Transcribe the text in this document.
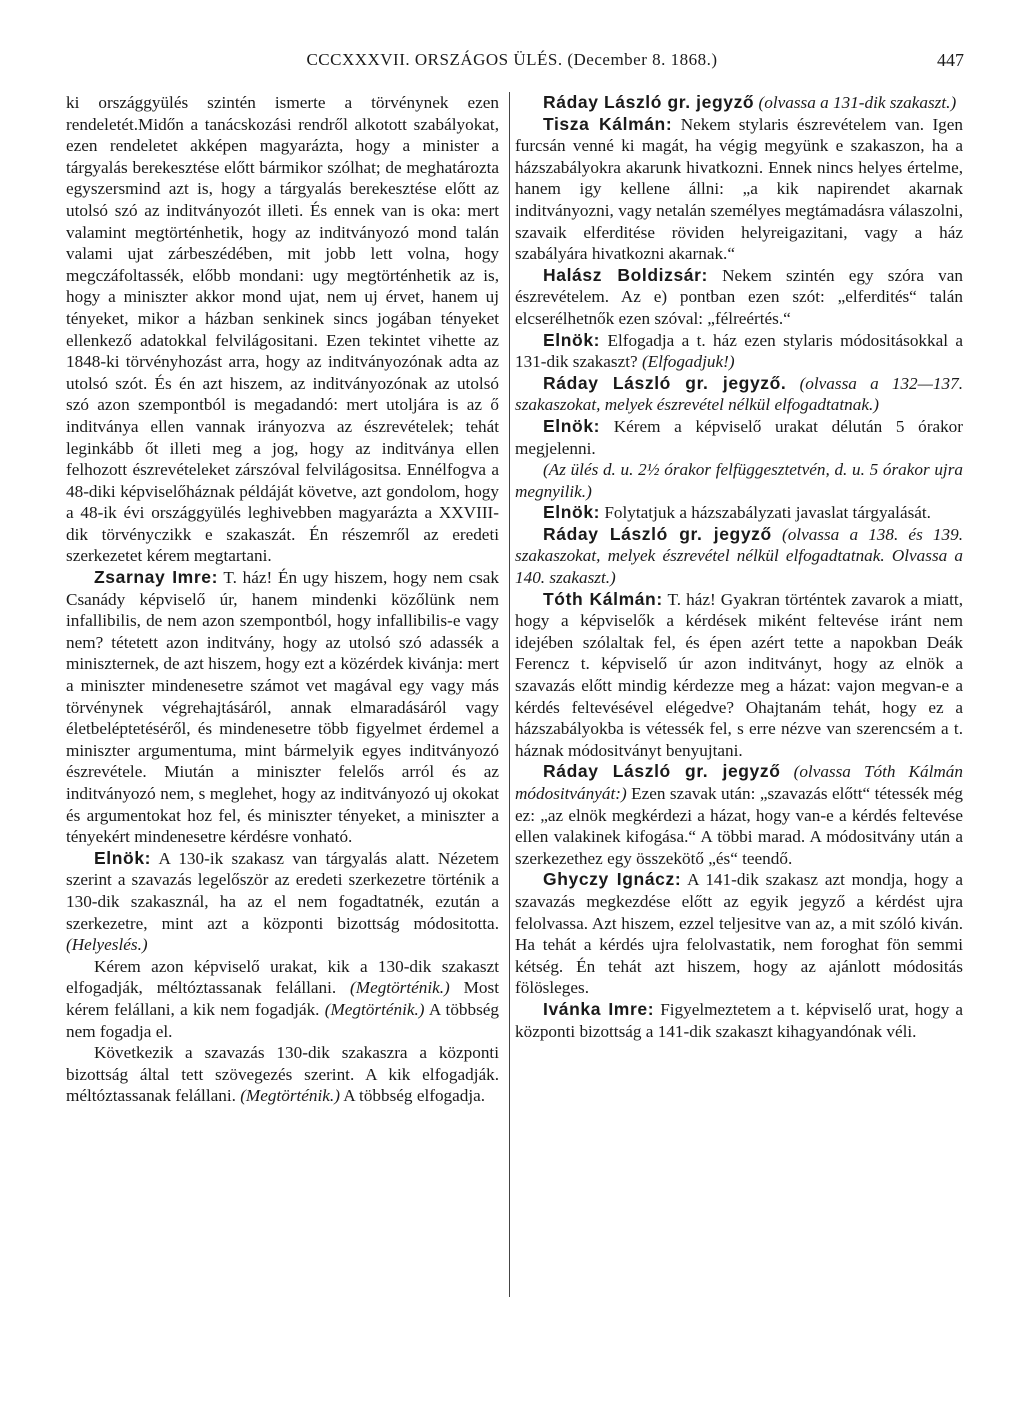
CCCXXXVII. ORSZÁGOS ÜLÉS. (December 8. 1868.)	447

ki országgyülés szintén ismerte a törvénynek ezen rendeletét.Midőn a tanácskozási rendről alkotott szabályokat, ezen rendeletet akképen magyarázta, hogy a minister a tárgyalás berekesztése előtt bármikor szólhat; de meghatározta egyszersmind azt is, hogy a tárgyalás berekesztése előtt az utolsó szó az inditványozót illeti. És ennek van is oka: mert valamint megtörténhetik, hogy az inditványozó mond talán valami ujat zárbeszédében, mit jobb lett volna, hogy megczáfoltassék, előbb mondani: ugy megtörténhetik az is, hogy a miniszter akkor mond ujat, nem uj érvet, hanem uj tényeket, mikor a házban senkinek sincs jogában tényeket ellenkező adatokkal felvilágositani. Ezen tekintet vihette az 1848-ki törvényhozást arra, hogy az inditványozónak adta az utolsó szót. És én azt hiszem, az inditványozónak az utolsó szó azon szempontból is megadandó: mert utoljára is az ő inditványa ellen vannak irányozva az észrevételek; tehát leginkább őt illeti meg a jog, hogy az inditványa ellen felhozott észrevételeket zárszóval felvilágositsa. Ennélfogva a 48-diki képviselőháznak példáját követve, azt gondolom, hogy a 48-ik évi országgyülés leghivebben magyarázta a XXVIII-dik törvényczikk e szakaszát. Én részemről az eredeti szerkezetet kérem megtartani.

Zsarnay Imre: T. ház! Én ugy hiszem, hogy nem csak Csanády képviselő úr, hanem mindenki közőlünk nem infallibilis, de nem azon szempontból, hogy infallibilis-e vagy nem? tétetett azon inditvány, hogy az utolsó szó adassék a miniszternek, de azt hiszem, hogy ezt a közérdek kivánja: mert a miniszter mindenesetre számot vet magával egy vagy más törvénynek végrehajtásáról, annak elmaradásáról vagy életbeléptetéséről, és mindenesetre több figyelmet érdemel a miniszter argumentuma, mint bármelyik egyes inditványozó észrevétele. Miután a miniszter felelős arról és az inditványozó nem, s meglehet, hogy az inditványozó uj okokat és argumentokat hoz fel, és miniszter tényeket, a miniszter a tényekért mindenesetre kérdésre vonható.

Elnök: A 130-ik szakasz van tárgyalás alatt. Nézetem szerint a szavazás legelőször az eredeti szerkezetre történik a 130-dik szakasznál, ha az el nem fogadtatnék, ezután a szerkezetre, mint azt a központi bizottság módositotta. (Helyeslés.)

Kérem azon képviselő urakat, kik a 130-dik szakaszt elfogadják, méltóztassanak felállani. (Megtörténik.) Most kérem felállani, a kik nem fogadják. (Megtörténik.) A többség nem fogadja el.

Következik a szavazás 130-dik szakaszra a központi bizottság által tett szövegezés szerint. A kik elfogadják. méltóztassanak felállani. (Megtörténik.) A többség elfogadja.

Ráday László gr. jegyző (olvassa a 131-dik szakaszt.)

Tisza Kálmán: Nekem stylaris észrevételem van. Igen furcsán venné ki magát, ha végig megyünk e szakaszon, ha a házszabályokra akarunk hivatkozni. Ennek nincs helyes értelme, hanem igy kellene állni: „a kik napirendet akarnak inditványozni, vagy netalán személyes megtámadásra válaszolni, szavaik elferditése röviden helyreigazitani, vagy a ház szabályára hivatkozni akarnak.“

Halász Boldizsár: Nekem szintén egy szóra van észrevételem. Az e) pontban ezen szót: „elferdités“ talán elcserélhetnők ezen szóval: „félreértés.“

Elnök: Elfogadja a t. ház ezen stylaris módositásokkal a 131-dik szakaszt? (Elfogadjuk!)

Ráday László gr. jegyző. (olvassa a 132—137. szakaszokat, melyek észrevétel nélkül elfogadtatnak.)

Elnök: Kérem a képviselő urakat délután 5 órakor megjelenni.

(Az ülés d. u. 2½ órakor felfüggesztetvén, d. u. 5 órakor ujra megnyilik.)

Elnök: Folytatjuk a házszabályzati javaslat tárgyalását.

Ráday László gr. jegyző (olvassa a 138. és 139. szakaszokat, melyek észrevétel nélkül elfogadtatnak. Olvassa a 140. szakaszt.)

Tóth Kálmán: T. ház! Gyakran történtek zavarok a miatt, hogy a képviselők a kérdések miként feltevése iránt nem idejében szólaltak fel, és épen azért tette a napokban Deák Ferencz t. képviselő úr azon inditványt, hogy az elnök a szavazás előtt mindig kérdezze meg a házat: vajon megvan-e a kérdés feltevésével elégedve? Ohajtanám tehát, hogy ez a házszabályokba is vétessék fel, s erre nézve van szerencsém a t. háznak módositványt benyujtani.

Ráday László gr. jegyző (olvassa Tóth Kálmán módositványát:) Ezen szavak után: „szavazás előtt“ tétessék még ez: „az elnök megkérdezi a házat, hogy van-e a kérdés feltevése ellen valakinek kifogása.“ A többi marad. A módositvány után a szerkezethez egy összekötő „és“ teendő.

Ghyczy Ignácz: A 141-dik szakasz azt mondja, hogy a szavazás megkezdése előtt az egyik jegyző a kérdést ujra felolvassa. Azt hiszem, ezzel teljesitve van az, a mit szóló kiván. Ha tehát a kérdés ujra felolvastatik, nem foroghat fön semmi kétség. Én tehát azt hiszem, hogy az ajánlott módositás fölösleges.

Ivánka Imre: Figyelmeztetem a t. képviselő urat, hogy a központi bizottság a 141-dik szakaszt kihagyandónak véli.
